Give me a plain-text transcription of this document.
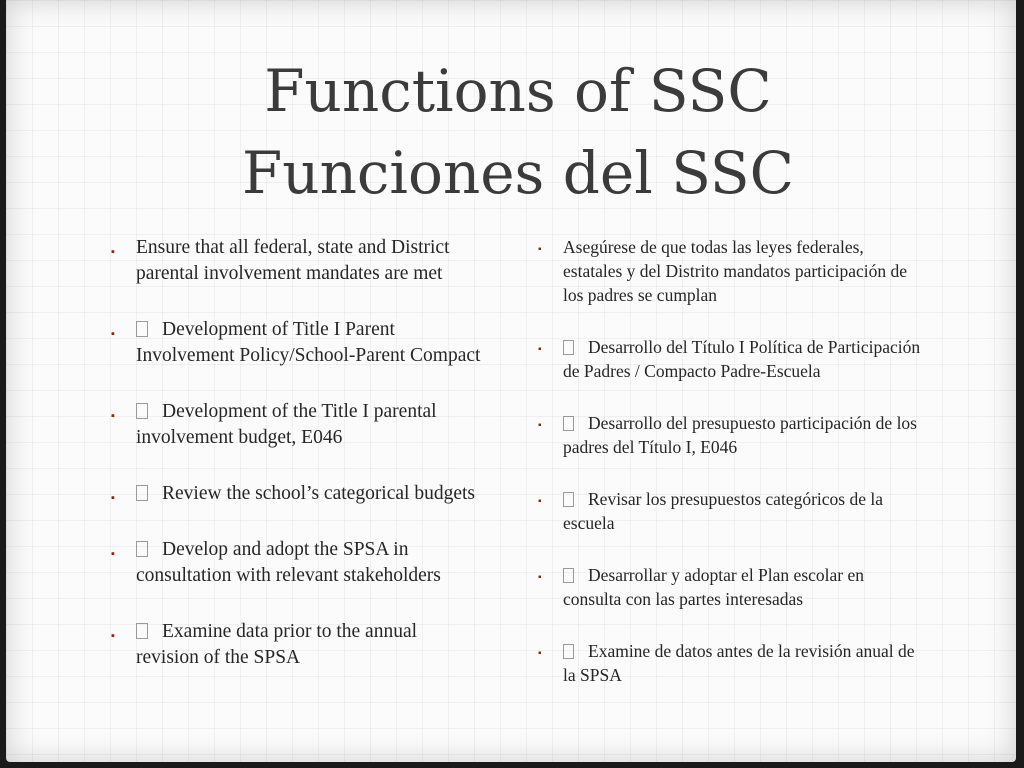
Functions of SSC
Funciones del SSC
▪ Ensure that all federal, state and District parental involvement mandates are met
▪ Development of Title I Parent Involvement Policy/School-Parent Compact
▪ Development of the Title I parental involvement budget, E046
▪ Review the school’s categorical budgets
▪ Develop and adopt the SPSA in consultation with relevant stakeholders
▪ Examine data prior to the annual revision of the SPSA
▪ Asegúrese de que todas las leyes federales, estatales y del Distrito mandatos participación de los padres se cumplan
▪	Desarrollo del Título I Política de Participación de Padres / Compacto Padre-Escuela
▪	Desarrollo del presupuesto participación de los padres del Título I, E046
▪	Revisar los presupuestos categóricos de la escuela
▪	Desarrollar y adoptar el Plan escolar en consulta con las partes interesadas
▪	Examine de datos antes de la revisión anual de la SPSA
